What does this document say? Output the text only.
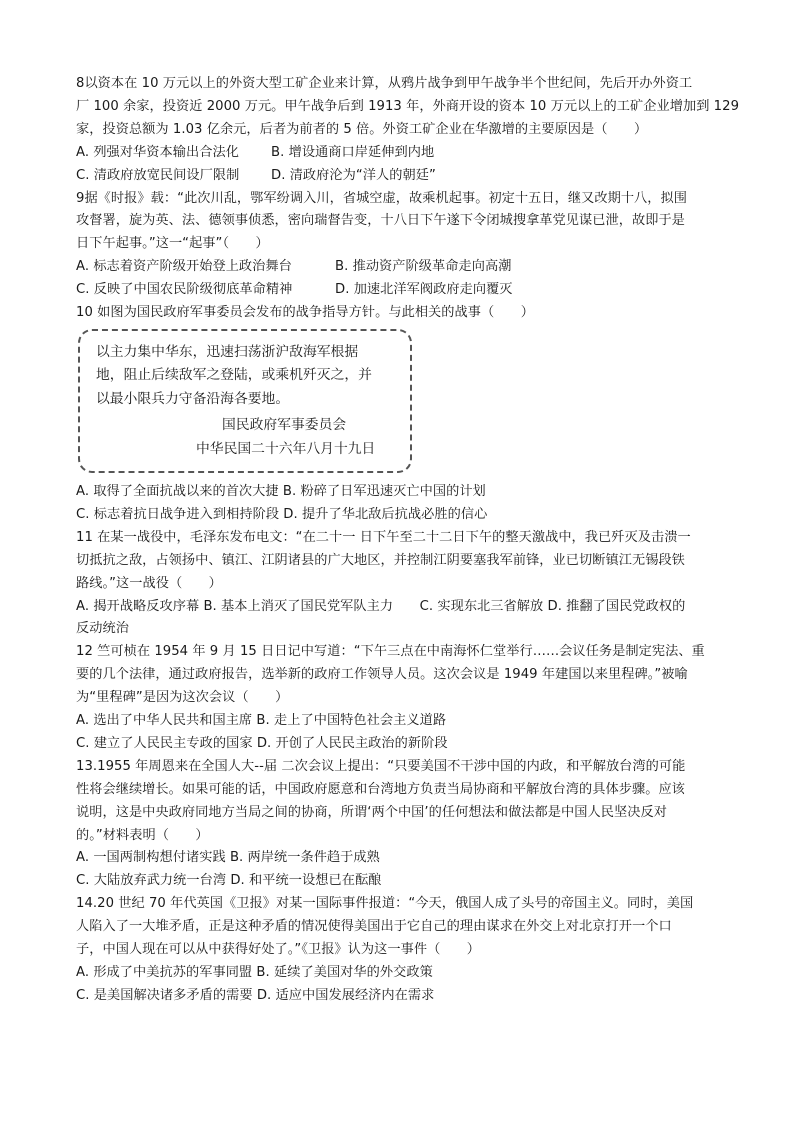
8以资本在 10 万元以上的外资大型工矿企业来计算，从鸦片战争到甲午战争半个世纪间，先后开办外资工
厂 100 余家，投资近 2000 万元。甲午战争后到 1913 年，外商开设的资本 10 万元以上的工矿企业增加到 129
家，投资总额为 1.03 亿余元，后者为前者的 5 倍。外资工矿企业在华激增的主要原因是（　　）
A. 列强对华资本输出合法化	B. 增设通商口岸延伸到内地
C. 清政府放宽民间设厂限制	D. 清政府沦为“洋人的朝廷”
9据《时报》载：“此次川乱，鄂军纷调入川，省城空虚，故乘机起事。初定十五日，继又改期十八，拟围
攻督署，旋为英、法、德领事侦悉，密向瑞督告变，十八日下午遂下令闭城搜拿革党见谋已泄，故即于是
日下午起事。”这一“起事”（　　）
A. 标志着资产阶级开始登上政治舞台	B. 推动资产阶级革命走向高潮
C. 反映了中国农民阶级彻底革命精神	D. 加速北洋军阀政府走向覆灭
10 如图为国民政府军事委员会发布的战争指导方针。与此相关的战事（　　）
以主力集中华东，迅速扫荡浙沪敌海军根据
地，阻止后续敌军之登陆，或乘机歼灭之，并
以最小限兵力守备沿海各要地。
国民政府军事委员会
中华民国二十六年八月十九日
A. 取得了全面抗战以来的首次大捷 B. 粉碎了日军迅速灭亡中国的计划
C. 标志着抗日战争进入到相持阶段 D. 提升了华北敌后抗战必胜的信心
11 在某一战役中，毛泽东发布电文：“在二十一 日下午至二十二日下午的整天激战中，我已歼灭及击溃一
切抵抗之敌，占领扬中、镇江、江阴诸县的广大地区，并控制江阴要塞我军前锋，业已切断镇江无锡段铁
路线。”这一战役（　　）
A. 揭开战略反攻序幕 B. 基本上消灭了国民党军队主力　　C. 实现东北三省解放 D. 推翻了国民党政权的
反动统治
12 竺可桢在 1954 年 9 月 15 日日记中写道：“下午三点在中南海怀仁堂举行……会议任务是制定宪法、重
要的几个法律，通过政府报告，选举新的政府工作领导人员。这次会议是 1949 年建国以来里程碑。”被喻
为“里程碑”是因为这次会议（　　）
A. 选出了中华人民共和国主席 B. 走上了中国特色社会主义道路
C. 建立了人民民主专政的国家 D. 开创了人民民主政治的新阶段
13.1955 年周恩来在全国人大--届 二次会议上提出：“只要美国不干涉中国的内政，和平解放台湾的可能
性将会继续增长。如果可能的话，中国政府愿意和台湾地方负责当局协商和平解放台湾的具体步骤。应该
说明，这是中央政府同地方当局之间的协商，所谓‘两个中国’的任何想法和做法都是中国人民坚决反对
的。”材料表明（　　）
A. 一国两制构想付诸实践 B. 两岸统一条件趋于成熟
C. 大陆放弃武力统一台湾 D. 和平统一设想已在酝酿
14.20 世纪 70 年代英国《卫报》对某一国际事件报道：“今天，俄国人成了头号的帝国主义。同时，美国
人陷入了一大堆矛盾，正是这种矛盾的情况使得美国出于它自己的理由谋求在外交上对北京打开一个口
子，中国人现在可以从中获得好处了。”《卫报》认为这一事件（　　）
A. 形成了中美抗苏的军事同盟 B. 延续了美国对华的外交政策
C. 是美国解决诸多矛盾的需要 D. 适应中国发展经济内在需求
